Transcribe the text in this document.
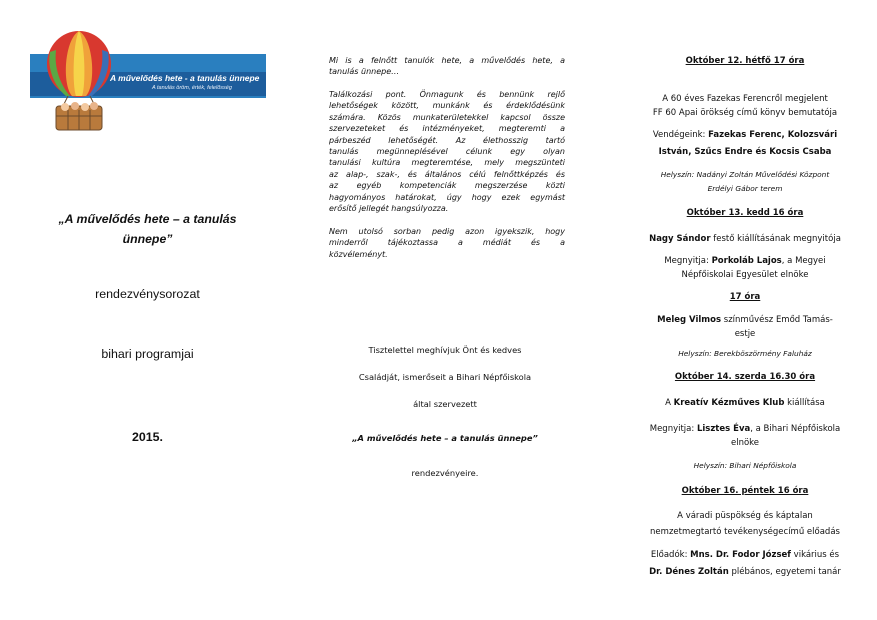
A művelődés hete - a tanulás ünnepe
A tanulás öröm, érték, felelősség
„A művelődés hete – a tanulás
ünnepe”
rendezvénysorozat
bihari programjai
2015.
Mi is a felnőtt tanulók hete, a művelődés hete, a
tanulás ünnepe…
Találkozási pont. Önmagunk és bennünk rejlő
lehetőségek között, munkánk és érdeklődésünk
számára. Közös munkaterületekkel kapcsol össze
szervezeteket és intézményeket, megteremti a
párbeszéd lehetőségét. Az élethosszig tartó
tanulás megünneplésével célunk egy olyan
tanulási kultúra megteremtése, mely megszünteti
az alap-, szak-, és általános célú felnőttképzés és
az egyéb kompetenciák megszerzése közti
hagyományos határokat, úgy hogy ezek egymást
erősítő jellegét hangsúlyozza.
Nem utolsó sorban pedig azon igyekszik, hogy
minderről tájékoztassa a médiát és a
közvéleményt.
Tisztelettel meghívjuk Önt és kedves
Családját, ismerőseit a Bihari Népfőiskola
által szervezett
„A művelődés hete – a tanulás ünnepe”
rendezvényeire.
Október 12. hétfő 17 óra
A 60 éves Fazekas Ferencről megjelent
FF 60 Apai örökség című könyv bemutatója
Vendégeink: Fazekas Ferenc, Kolozsvári
István, Szűcs Endre és Kocsis Csaba
Helyszín: Nadányi Zoltán Művelődési Központ
Erdélyi Gábor terem
Október 13. kedd 16 óra
Nagy Sándor festő kiállításának megnyitója
Megnyitja: Porkoláb Lajos, a Megyei
Népfőiskolai Egyesület elnöke
17 óra
Meleg Vilmos színművész Emőd Tamás-
estje
Helyszín: Berekböszörmény Faluház
Október 14. szerda 16.30 óra
A Kreatív Kézműves Klub kiállítása
Megnyitja: Lisztes Éva, a Bihari Népfőiskola
elnöke
Helyszín: Bihari Népfőiskola
Október 16. péntek 16 óra
A váradi püspökség és káptalan
nemzetmegtartó tevékenységecímű előadás
Előadók: Mns. Dr. Fodor József vikárius és
Dr. Dénes Zoltán plébános, egyetemi tanár
